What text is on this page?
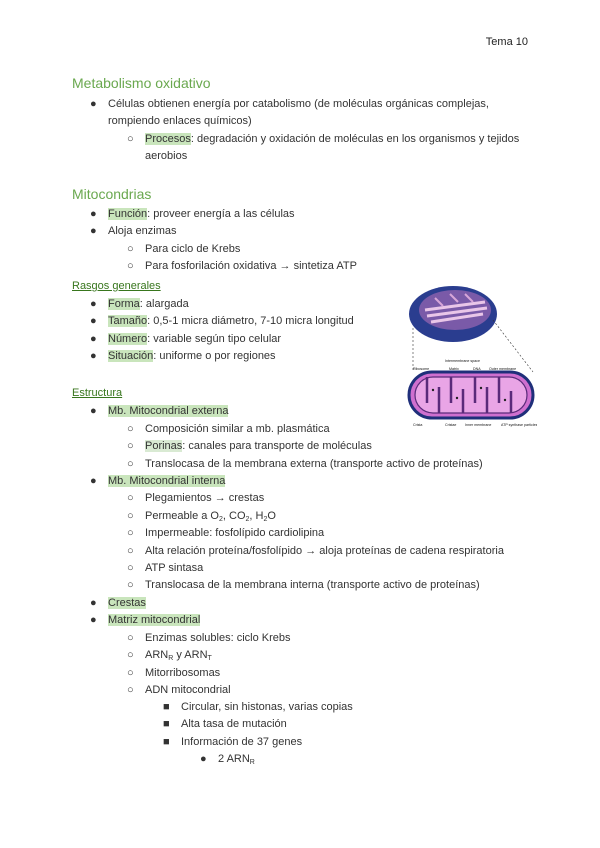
Tema 10
Metabolismo oxidativo
● Células obtienen energía por catabolismo (de moléculas orgánicas complejas,
rompiendo enlaces químicos)
○ Procesos: degradación y oxidación de moléculas en los organismos y tejidos
aerobios
Mitocondrias
● Función: proveer energía a las células
● Aloja enzimas
○ Para ciclo de Krebs
○ Para fosforilación oxidativa → sintetiza ATP
Rasgos generales
● Forma: alargada
● Tamaño: 0,5-1 micra diámetro, 7-10 micra longitud
● Número: variable según tipo celular
● Situación: uniforme o por regiones
Estructura
● Mb. Mitocondrial externa
○ Composición similar a mb. plasmática
○ Porinas: canales para transporte de moléculas
○ Translocasa de la membrana externa (transporte activo de proteínas)
● Mb. Mitocondrial interna
○ Plegamientos → crestas
○ Permeable a $O_2$, $CO_2$, $H_2O$
○ Impermeable: fosfolípido cardiolipina
○ Alta relación proteína/fosfolípido → aloja proteínas de cadena respiratoria
○ ATP sintasa
○ Translocasa de la membrana interna (transporte activo de proteínas)
● Crestas
● Matriz mitocondrial
○ Enzimas solubles: ciclo Krebs
○ $ARN_R$ y $ARN_T$
○ Mitorribosomas
○ ADN mitocondrial
■ Circular, sin histonas, varias copias
■ Alta tasa de mutación
■ Información de 37 genes
● 2 $ARN_R$
Intermembrane space
Ribosome	Matrix	DNA Outer membrane
Crista	Cristae Inner membrane	ATP synthase particles
